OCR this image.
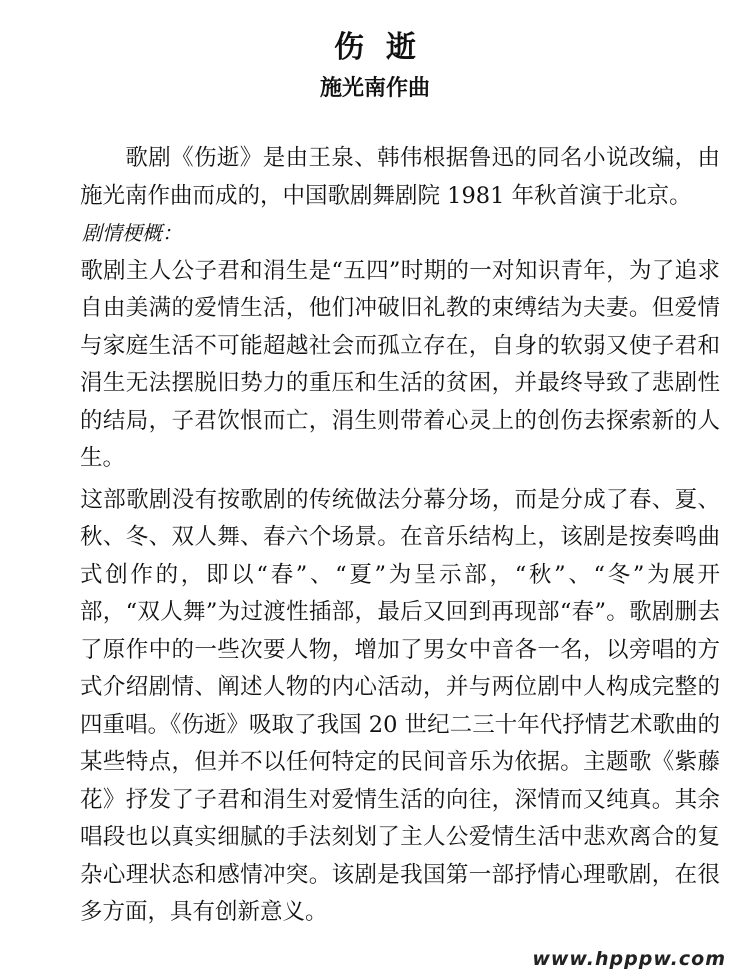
伤逝
施光南作曲

歌剧《伤逝》是由王泉、韩伟根据鲁迅的同名小说改编，由施光南作曲而成的，中国歌剧舞剧院 1981 年秋首演于北京。

剧情梗概：

歌剧主人公子君和涓生是“五四”时期的一对知识青年，为了追求自由美满的爱情生活，他们冲破旧礼教的束缚结为夫妻。但爱情与家庭生活不可能超越社会而孤立存在，自身的软弱又使子君和涓生无法摆脱旧势力的重压和生活的贫困，并最终导致了悲剧性的结局，子君饮恨而亡，涓生则带着心灵上的创伤去探索新的人生。

这部歌剧没有按歌剧的传统做法分幕分场，而是分成了春、夏、秋、冬、双人舞、春六个场景。在音乐结构上，该剧是按奏鸣曲式创作的，即以“春”、“夏”为呈示部，“秋”、“冬”为展开部，“双人舞”为过渡性插部，最后又回到再现部“春”。歌剧删去了原作中的一些次要人物，增加了男女中音各一名，以旁唱的方式介绍剧情、阐述人物的内心活动，并与两位剧中人构成完整的四重唱。《伤逝》吸取了我国 20 世纪二三十年代抒情艺术歌曲的某些特点，但并不以任何特定的民间音乐为依据。主题歌《紫藤花》抒发了子君和涓生对爱情生活的向往，深情而又纯真。其余唱段也以真实细腻的手法刻划了主人公爱情生活中悲欢离合的复杂心理状态和感情冲突。该剧是我国第一部抒情心理歌剧，在很多方面，具有创新意义。

www.hpppw.com
